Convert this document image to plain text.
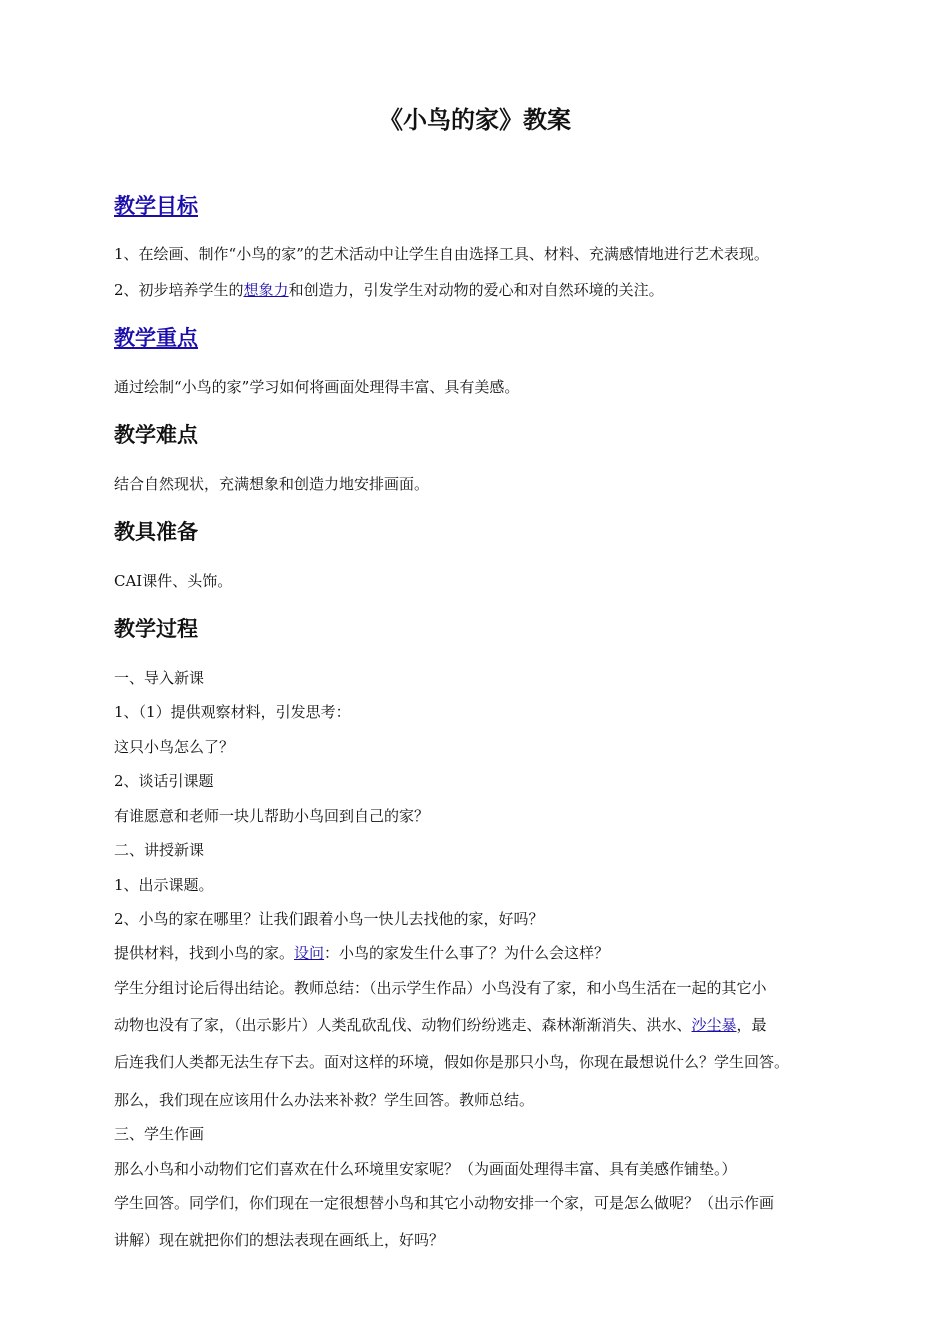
《小鸟的家》教案
教学目标
1、在绘画、制作“小鸟的家”的艺术活动中让学生自由选择工具、材料、充满感情地进行艺术表现。
2、初步培养学生的想象力和创造力，引发学生对动物的爱心和对自然环境的关注。
教学重点
通过绘制“小鸟的家”学习如何将画面处理得丰富、具有美感。
教学难点
结合自然现状，充满想象和创造力地安排画面。
教具准备
CAI课件、头饰。
教学过程
一、导入新课
1、（1）提供观察材料，引发思考：
这只小鸟怎么了？
2、谈话引课题
有谁愿意和老师一块儿帮助小鸟回到自己的家？
二、讲授新课
1、出示课题。
2、小鸟的家在哪里？让我们跟着小鸟一快儿去找他的家，好吗？
提供材料，找到小鸟的家。设问：小鸟的家发生什么事了？为什么会这样？
学生分组讨论后得出结论。教师总结：（出示学生作品）小鸟没有了家，和小鸟生活在一起的其它小
动物也没有了家，（出示影片）人类乱砍乱伐、动物们纷纷逃走、森林渐渐消失、洪水、沙尘暴，最
后连我们人类都无法生存下去。面对这样的环境，假如你是那只小鸟，你现在最想说什么？学生回答。
那么，我们现在应该用什么办法来补救？学生回答。教师总结。
三、学生作画
那么小鸟和小动物们它们喜欢在什么环境里安家呢？（为画面处理得丰富、具有美感作铺垫。）
学生回答。同学们，你们现在一定很想替小鸟和其它小动物安排一个家，可是怎么做呢？（出示作画
讲解）现在就把你们的想法表现在画纸上，好吗？
